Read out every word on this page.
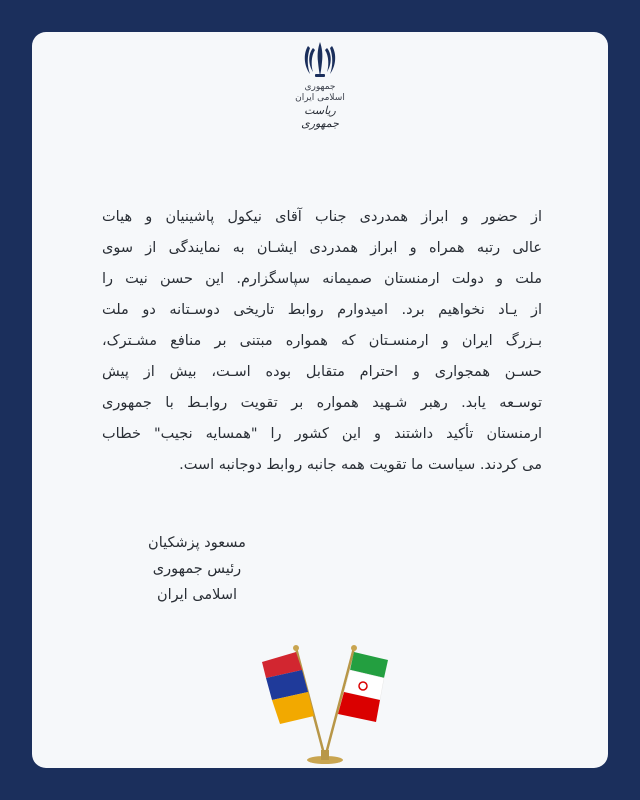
جمهوری اسلامی ایران
ریاست جمهوری

از حضور و ابراز همدردی جناب آقای نیکول پاشینیان و هیات
عالی رتبه همراه و ابراز همدردی ایشـان به نمایندگی از سوی
ملت و دولت ارمنستان صمیمانه سپاسگزارم. این حسن نیت را
از یـاد نخواهیم برد. امیدوارم روابط تاریخی دوسـتانه دو ملت
بـزرگ ایران و ارمنسـتان که همواره مبتنی بر منافع مشـترک،
حسـن همجواری و احترام متقابل بوده اسـت، بیش از پیش
توسـعه یابد. رهبر شـهید همواره بر تقویت روابـط با جمهوری
ارمنستان تأکید داشتند و این کشور را "همسایه نجیب" خطاب
می کردند. سیاست ما تقویت همه جانبه روابط دوجانبه است.

مسعود پزشکیان
رئیس جمهوری اسلامی ایران
